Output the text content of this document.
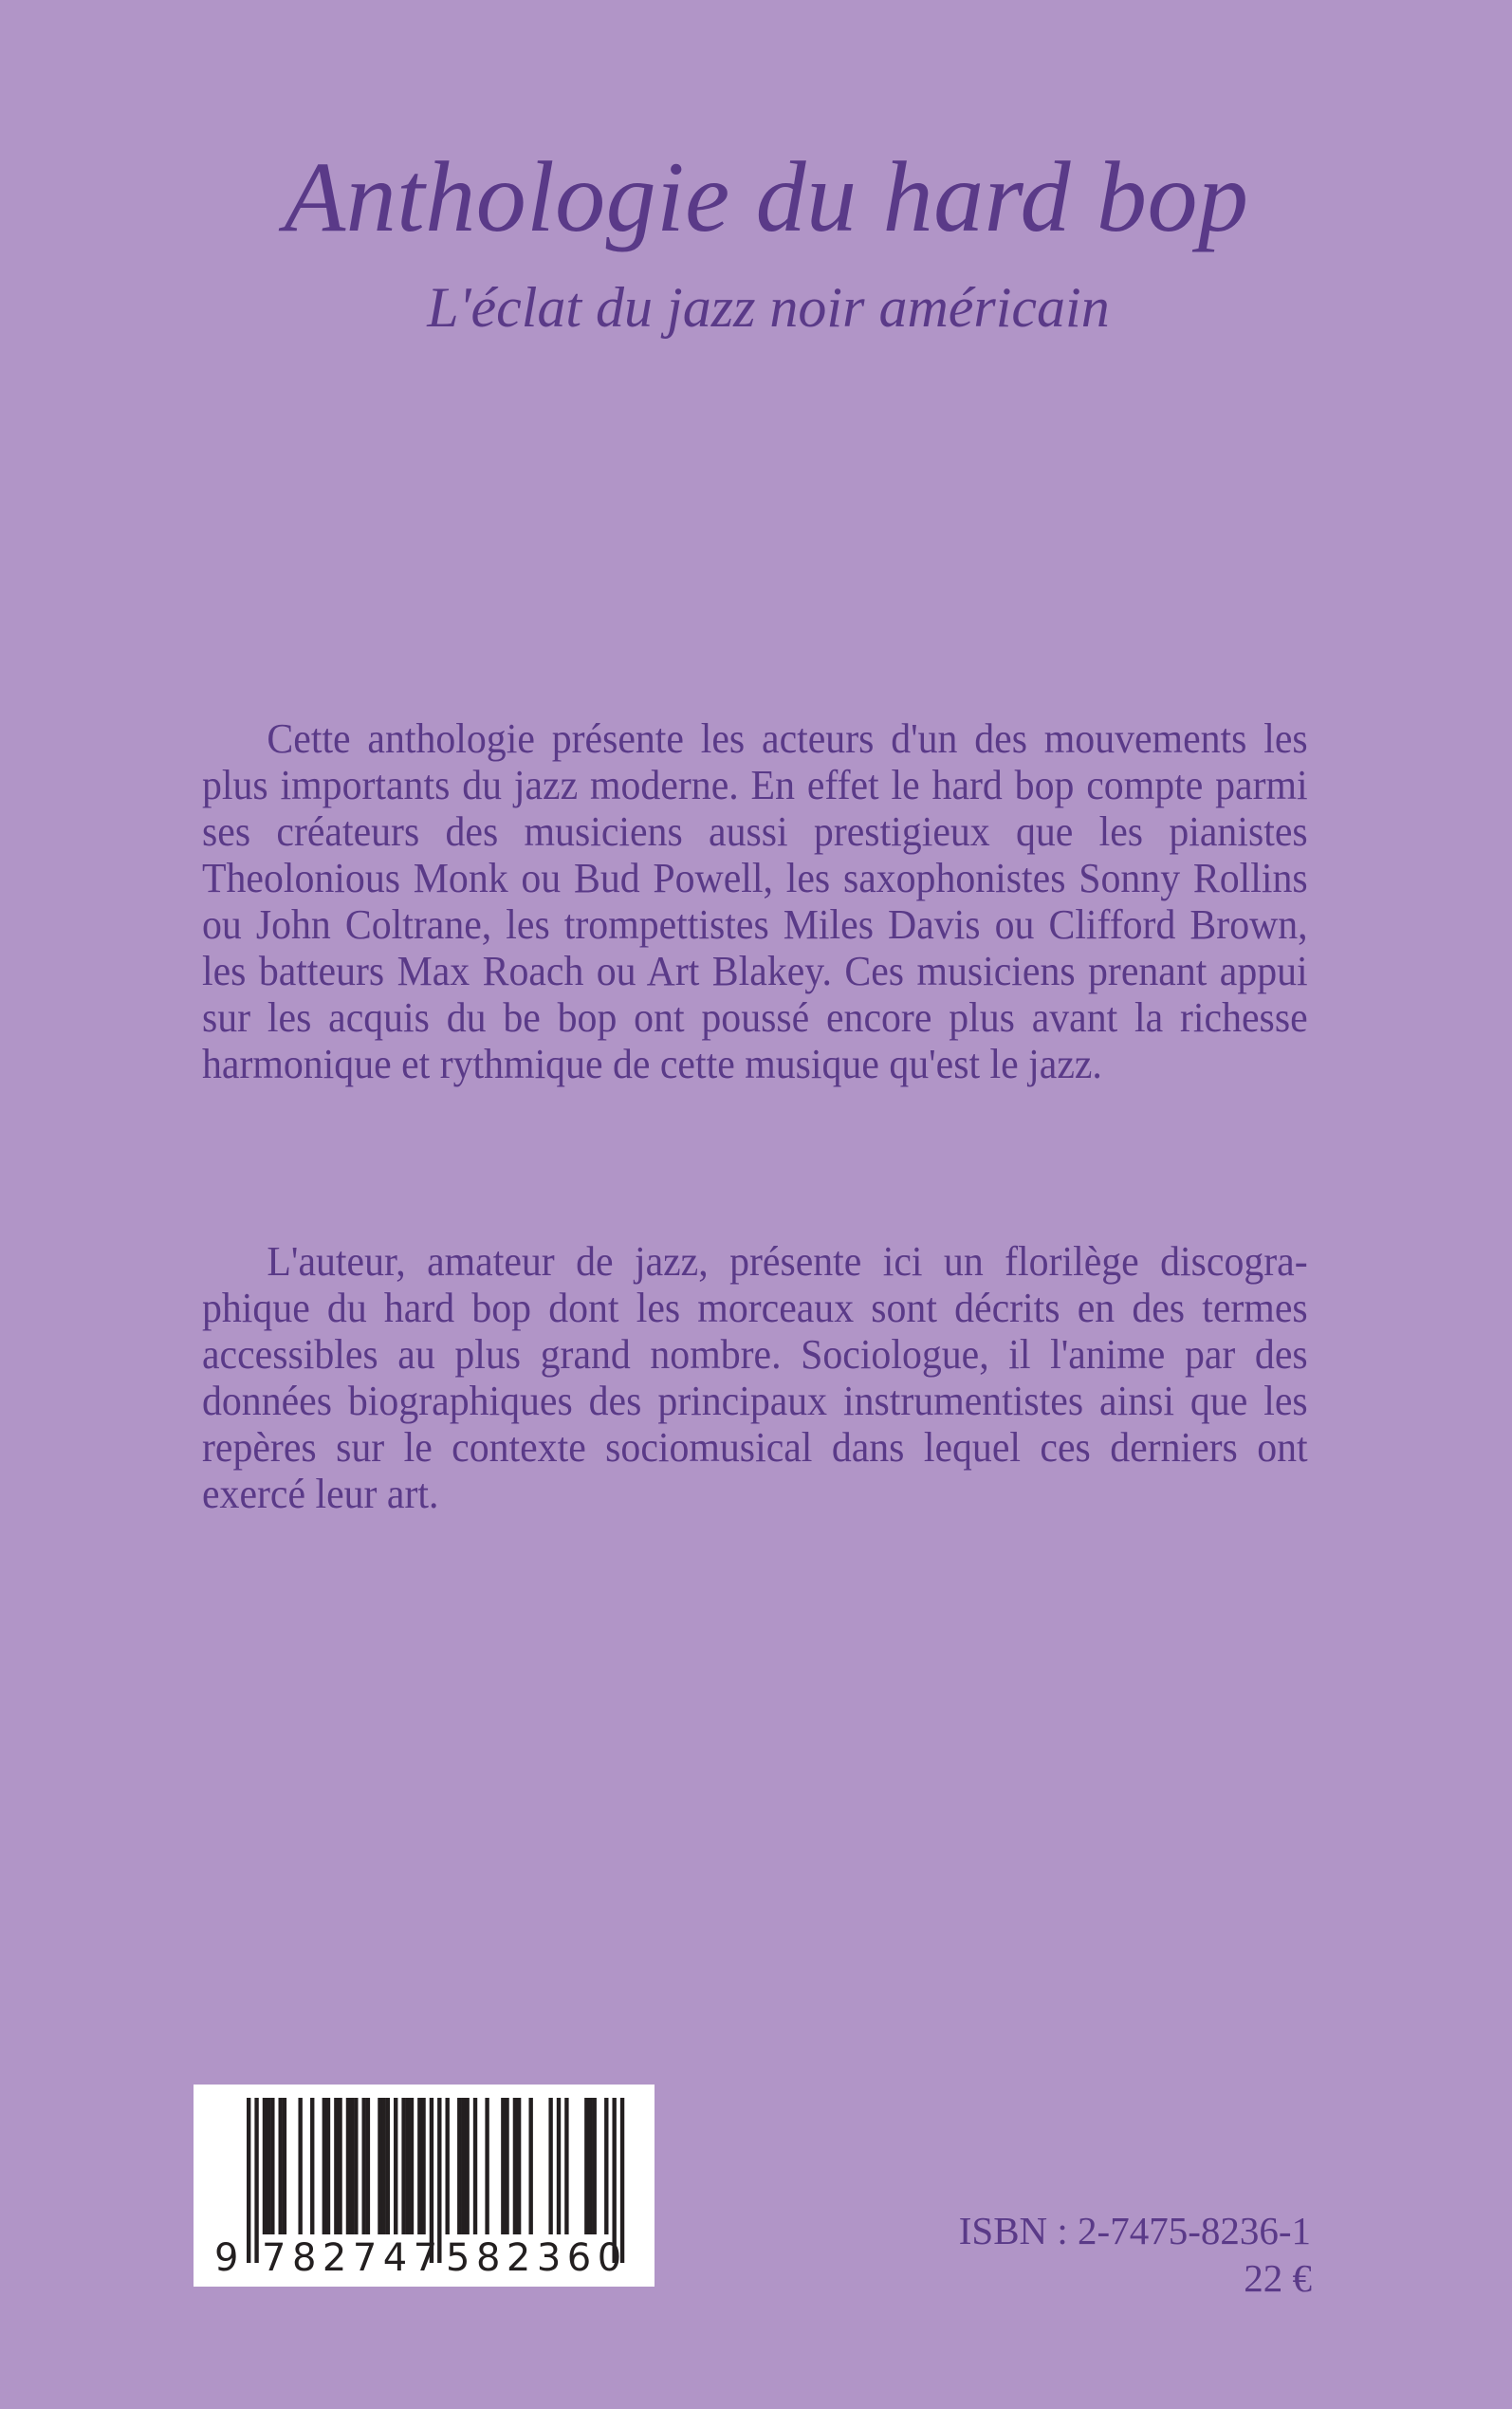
Anthologie du hard bop
L'éclat du jazz noir américain

Cette anthologie présente les acteurs d'un des mouvements les plus importants du jazz moderne. En effet le hard bop compte parmi ses créateurs des musiciens aussi prestigieux que les pianistes Theolonious Monk ou Bud Powell, les saxophonistes Sonny Rollins ou John Coltrane, les trompettistes Miles Davis ou Clifford Brown, les batteurs Max Roach ou Art Blakey. Ces musiciens prenant appui sur les acquis du be bop ont poussé encore plus avant la richesse harmonique et rythmique de cette musique qu'est le jazz.

L'auteur, amateur de jazz, présente ici un florilège discographique du hard bop dont les morceaux sont décrits en des termes accessibles au plus grand nombre. Sociologue, il l'anime par des données biographiques des principaux instrumentistes ainsi que les repères sur le contexte sociomusical dans lequel ces derniers ont exercé leur art.

9 782747 582360
ISBN : 2-7475-8236-1
22 €
